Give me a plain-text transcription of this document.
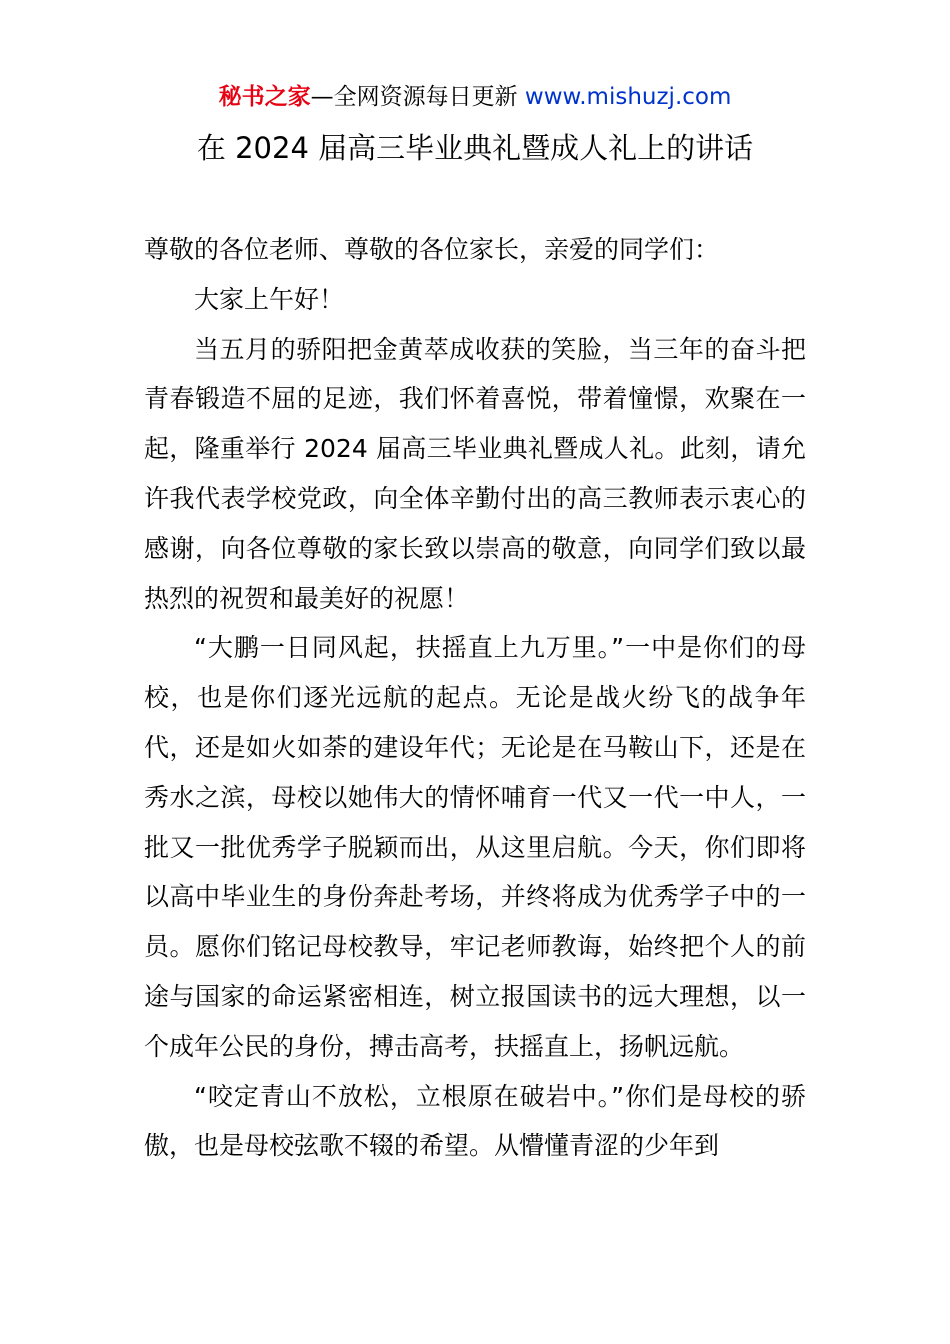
秘书之家—全网资源每日更新 www.mishuzj.com
在 2024 届高三毕业典礼暨成人礼上的讲话

尊敬的各位老师、尊敬的各位家长，亲爱的同学们：

大家上午好！

当五月的骄阳把金黄萃成收获的笑脸，当三年的奋斗把青春锻造不屈的足迹，我们怀着喜悦，带着憧憬，欢聚在一起，隆重举行 2024 届高三毕业典礼暨成人礼。此刻，请允许我代表学校党政，向全体辛勤付出的高三教师表示衷心的感谢，向各位尊敬的家长致以崇高的敬意，向同学们致以最热烈的祝贺和最美好的祝愿！

“大鹏一日同风起，扶摇直上九万里。”一中是你们的母校，也是你们逐光远航的起点。无论是战火纷飞的战争年代，还是如火如荼的建设年代；无论是在马鞍山下，还是在秀水之滨，母校以她伟大的情怀哺育一代又一代一中人，一批又一批优秀学子脱颖而出，从这里启航。今天，你们即将以高中毕业生的身份奔赴考场，并终将成为优秀学子中的一员。愿你们铭记母校教导，牢记老师教诲，始终把个人的前途与国家的命运紧密相连，树立报国读书的远大理想，以一个成年公民的身份，搏击高考，扶摇直上，扬帆远航。

“咬定青山不放松，立根原在破岩中。”你们是母校的骄傲，也是母校弦歌不辍的希望。从懵懂青涩的少年到
